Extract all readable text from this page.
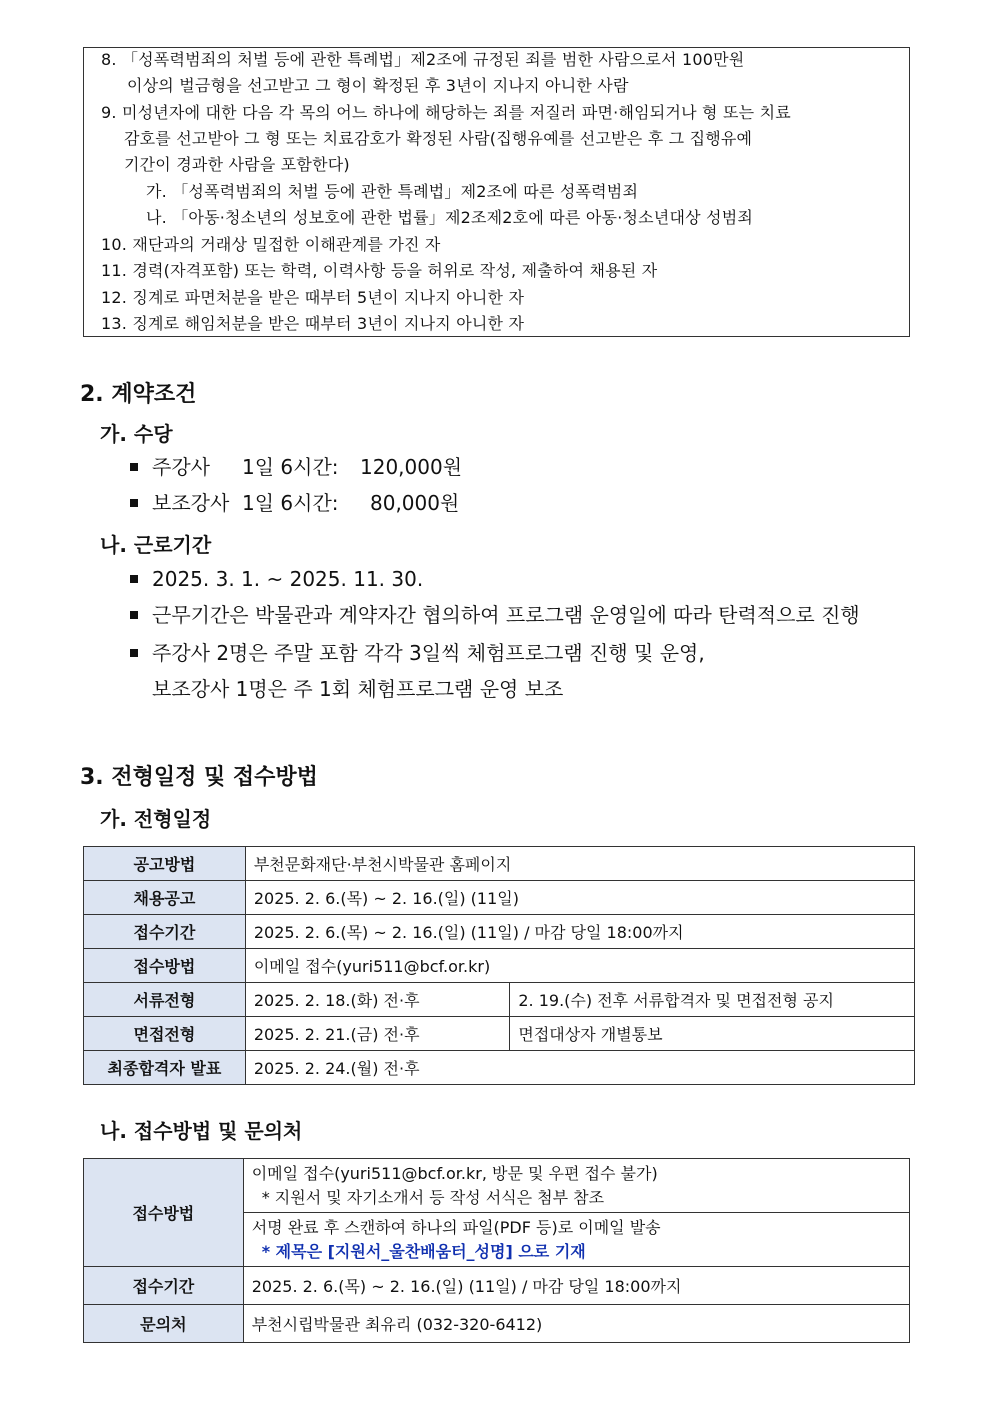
8. 「성폭력범죄의 처벌 등에 관한 특례법」제2조에 규정된 죄를 범한 사람으로서 100만원
이상의 벌금형을 선고받고 그 형이 확정된 후 3년이 지나지 아니한 사람
9. 미성년자에 대한 다음 각 목의 어느 하나에 해당하는 죄를 저질러 파면·해임되거나 형 또는 치료
감호를 선고받아 그 형 또는 치료감호가 확정된 사람(집행유예를 선고받은 후 그 집행유예
기간이 경과한 사람을 포함한다)
가. 「성폭력범죄의 처벌 등에 관한 특례법」제2조에 따른 성폭력범죄
나. 「아동·청소년의 성보호에 관한 법률」제2조제2호에 따른 아동·청소년대상 성범죄
10. 재단과의 거래상 밀접한 이해관계를 가진 자
11. 경력(자격포함) 또는 학력, 이력사항 등을 허위로 작성, 제출하여 채용된 자
12. 징계로 파면처분을 받은 때부터 5년이 지나지 아니한 자
13. 징계로 해임처분을 받은 때부터 3년이 지나지 아니한 자
2. 계약조건
가. 수당
주강사 1일 6시간: 120,000원
보조강사 1일 6시간: 80,000원
나. 근로기간
2025. 3. 1. ~ 2025. 11. 30.
근무기간은 박물관과 계약자간 협의하여 프로그램 운영일에 따라 탄력적으로 진행
주강사 2명은 주말 포함 각각 3일씩 체험프로그램 진행 및 운영,
보조강사 1명은 주 1회 체험프로그램 운영 보조
3. 전형일정 및 접수방법
가. 전형일정
공고방법	부천문화재단·부천시박물관 홈페이지	
채용공고	2025. 2. 6.(목) ~ 2. 16.(일) (11일)	
접수기간	2025. 2. 6.(목) ~ 2. 16.(일) (11일) / 마감 당일 18:00까지	
접수방법	이메일 접수(yuri511@bcf.or.kr)	
서류전형	2025. 2. 18.(화) 전·후	2. 19.(수) 전후 서류합격자 및 면접전형 공지
면접전형	2025. 2. 21.(금) 전·후	면접대상자 개별통보
최종합격자 발표	2025. 2. 24.(월) 전·후	
나. 접수방법 및 문의처
접수방법	이메일 접수(yuri511@bcf.or.kr, 방문 및 우편 접수 불가)
* 지원서 및 자기소개서 등 작성 서식은 첨부 참조

	서명 완료 후 스캔하여 하나의 파일(PDF 등)로 이메일 발송
* 제목은 [지원서_울찬배움터_성명] 으로 기재

접수기간	2025. 2. 6.(목) ~ 2. 16.(일) (11일) / 마감 당일 18:00까지
문의처	부천시립박물관 최유리 (032-320-6412)
